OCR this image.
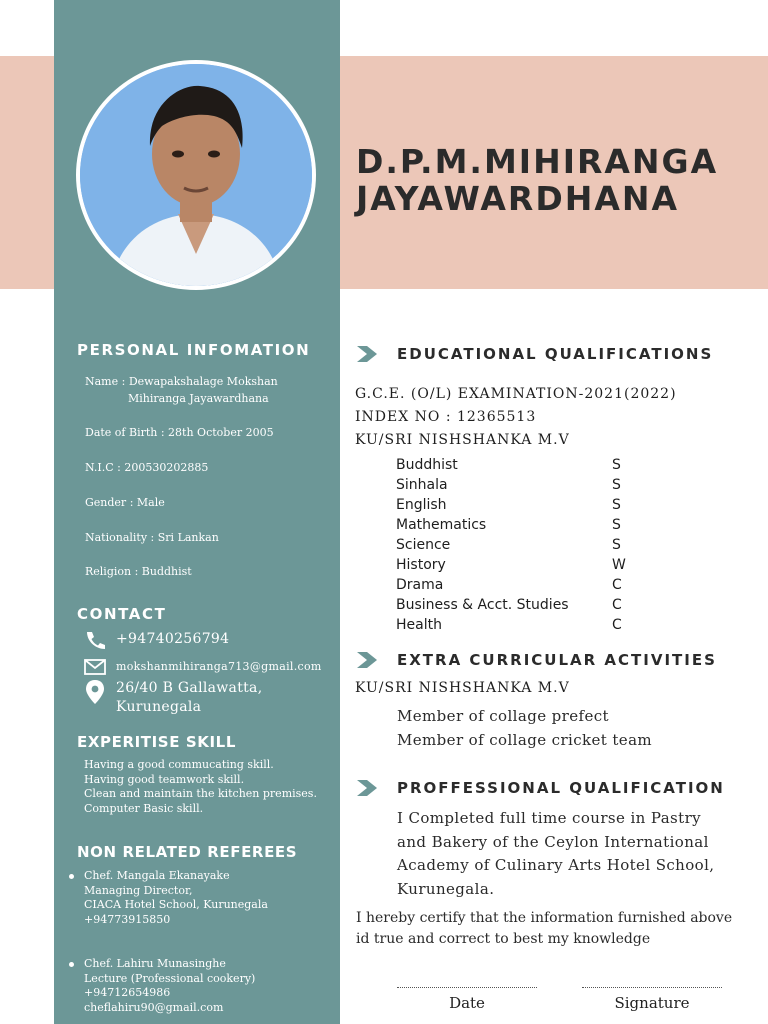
D.P.M.MIHIRANGA
JAYAWARDHANA
PERSONAL INFOMATION
Name : Dewapakshalage Mokshan
Mihiranga Jayawardhana
Date of Birth : 28th October 2005
N.I.C : 200530202885
Gender : Male
Nationality : Sri Lankan
Religion : Buddhist
CONTACT
+94740256794
mokshanmihiranga713@gmail.com
26/40 B Gallawatta,
Kurunegala
EXPERITISE SKILL
Having a good commucating skill.
Having good teamwork skill.
Clean and maintain the kitchen premises.
Computer Basic skill.
NON RELATED REFEREES
Chef. Mangala Ekanayake
Managing Director,
CIACA Hotel School, Kurunegala
+94773915850
Chef. Lahiru Munasinghe
Lecture (Professional cookery)
+94712654986
cheflahiru90@gmail.com
EDUCATIONAL QUALIFICATIONS
G.C.E. (O/L) EXAMINATION-2021(2022)
INDEX NO : 12365513
KU/SRI NISHSHANKA M.V
Buddhist	S
Sinhala	S
English	S
Mathematics	S
Science	S
History	W
Drama	C
Business & Acct. Studies	C
Health	C
EXTRA CURRICULAR ACTIVITIES
KU/SRI NISHSHANKA M.V
Member of collage prefect
Member of collage cricket team
PROFFESSIONAL QUALIFICATION
I Completed full time course in Pastry
and Bakery of the Ceylon International
Academy of Culinary Arts Hotel School,
Kurunegala.
I hereby certify that the information furnished above
id true and correct to best my knowledge
Date	Signature
